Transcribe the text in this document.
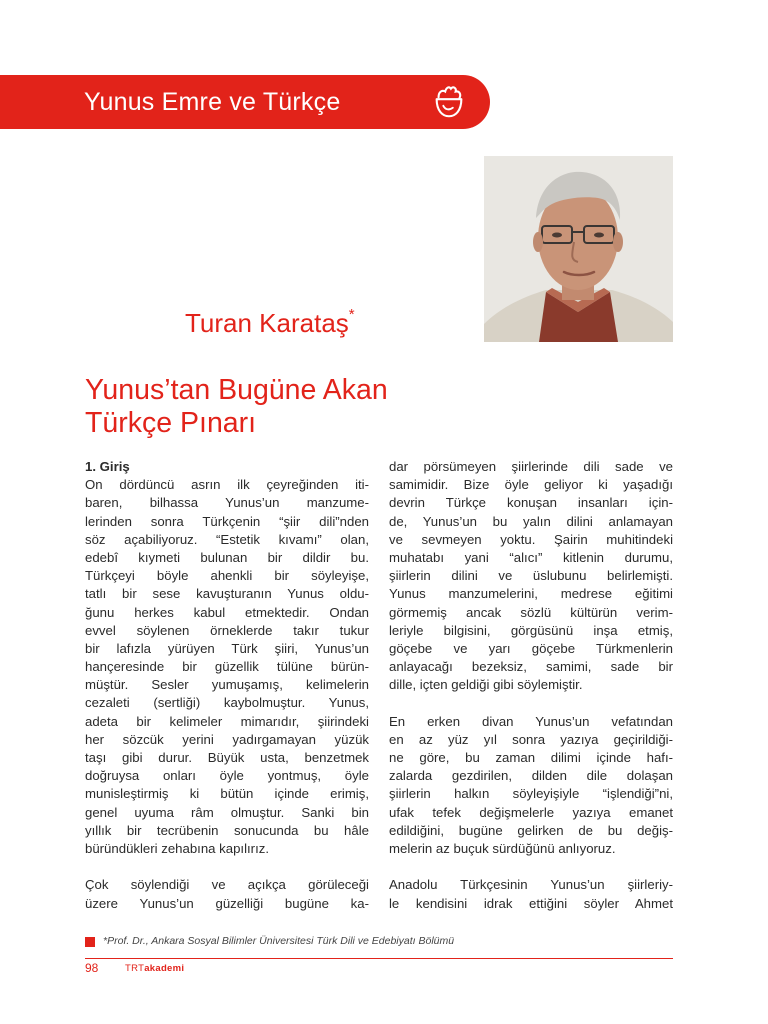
Yunus Emre ve Türkçe
Turan Karataş*
Yunus’tan Bugüne Akan
Türkçe Pınarı
1. Giriş

On dördüncü asrın ilk çeyreğinden iti-
baren, bilhassa Yunus’un manzume-
lerinden sonra Türkçenin “şiir dili”nden
söz açabiliyoruz. “Estetik kıvamı” olan,
edebî kıymeti bulunan bir dildir bu.
Türkçeyi böyle ahenkli bir söyleyişe,
tatlı bir sese kavuşturanın Yunus oldu-
ğunu herkes kabul etmektedir. Ondan
evvel söylenen örneklerde takır tukur
bir lafızla yürüyen Türk şiiri, Yunus’un
hançeresinde bir güzellik tülüne bürün-
müştür. Sesler yumuşamış, kelimelerin
cezaleti (sertliği) kaybolmuştur. Yunus,
adeta bir kelimeler mimarıdır, şiirindeki
her sözcük yerini yadırgamayan yüzük
taşı gibi durur. Büyük usta, benzetmek
doğruysa onları öyle yontmuş, öyle
munisleştirmiş ki bütün içinde erimiş,
genel uyuma râm olmuştur. Sanki bin
yıllık bir tecrübenin sonucunda bu hâle
büründükleri zehabına kapılırız.

Çok söylendiği ve açıkça görüleceği
üzere Yunus’un güzelliği bugüne ka-

dar pörsümeyen şiirlerinde dili sade ve
samimidir. Bize öyle geliyor ki yaşadığı
devrin Türkçe konuşan insanları için-
de, Yunus’un bu yalın dilini anlamayan
ve sevmeyen yoktu. Şairin muhitindeki
muhatabı yani “alıcı” kitlenin durumu,
şiirlerin dilini ve üslubunu belirlemişti.
Yunus manzumelerini, medrese eğitimi
görmemiş ancak sözlü kültürün verim-
leriyle bilgisini, görgüsünü inşa etmiş,
göçebe ve yarı göçebe Türkmenlerin
anlayacağı bezeksiz, samimi, sade bir
dille, içten geldiği gibi söylemiştir.

En erken divan Yunus’un vefatından
en az yüz yıl sonra yazıya geçirildiği-
ne göre, bu zaman dilimi içinde hafı-
zalarda gezdirilen, dilden dile dolaşan
şiirlerin halkın söyleyişiyle “işlendiği”ni,
ufak tefek değişmelerle yazıya emanet
edildiğini, bugüne gelirken de bu değiş-
melerin az buçuk sürdüğünü anlıyoruz.

Anadolu Türkçesinin Yunus’un şiirleriy-
le kendisini idrak ettiğini söyler Ahmet

*Prof. Dr., Ankara Sosyal Bilimler Üniversitesi Türk Dili ve Edebiyatı Bölümü
98	TRTakademi
